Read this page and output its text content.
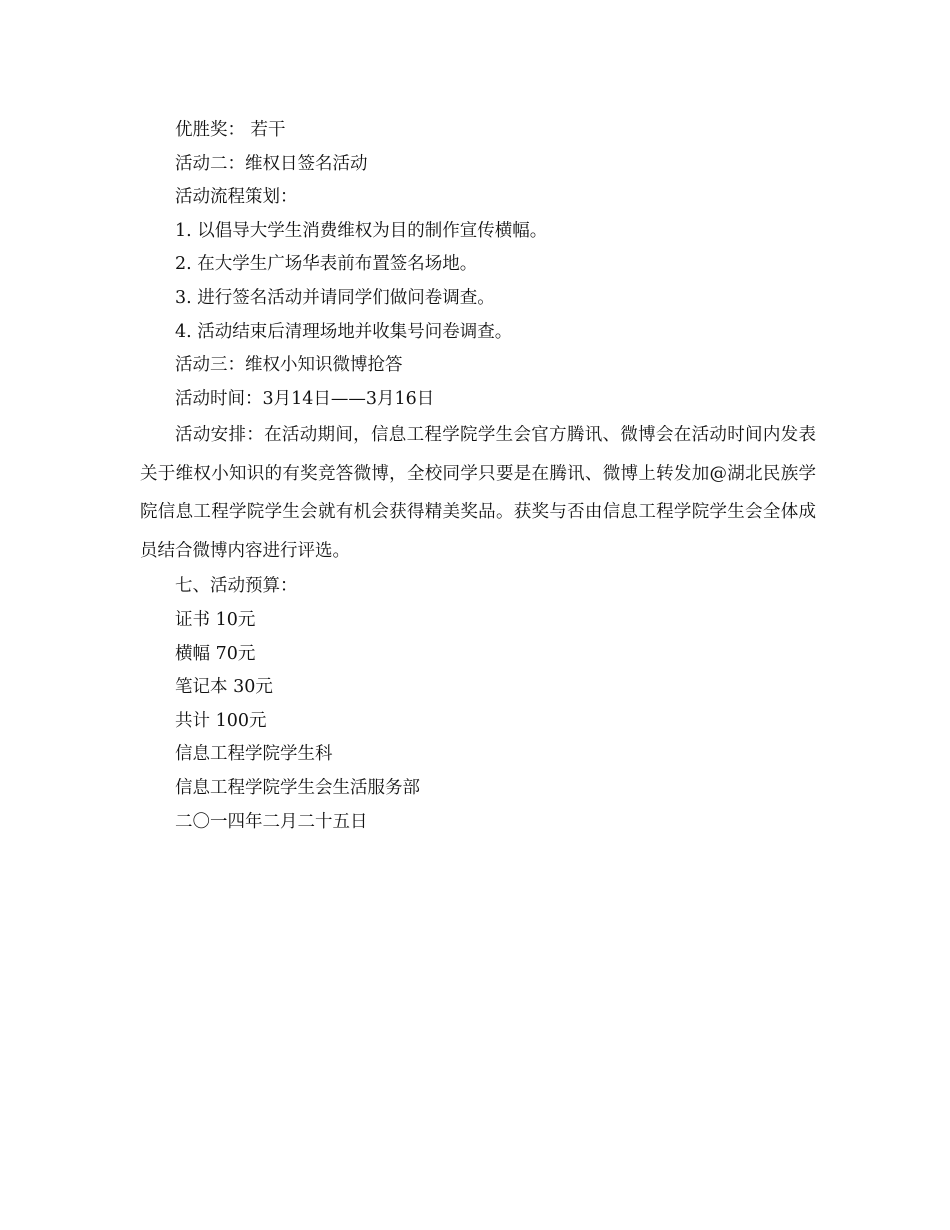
优胜奖： 若干

活动二：维权日签名活动

活动流程策划：

1. 以倡导大学生消费维权为目的制作宣传横幅。

2. 在大学生广场华表前布置签名场地。

3. 进行签名活动并请同学们做问卷调查。

4. 活动结束后清理场地并收集号问卷调查。

活动三：维权小知识微博抢答

活动时间：3月14日——3月16日

活动安排：在活动期间，信息工程学院学生会官方腾讯、微博会在活动时间内发表关于维权小知识的有奖竞答微博，全校同学只要是在腾讯、微博上转发加@湖北民族学院信息工程学院学生会就有机会获得精美奖品。获奖与否由信息工程学院学生会全体成员结合微博内容进行评选。

七、活动预算：

证书 10元

横幅 70元

笔记本 30元

共计 100元

信息工程学院学生科

信息工程学院学生会生活服务部

二〇一四年二月二十五日
